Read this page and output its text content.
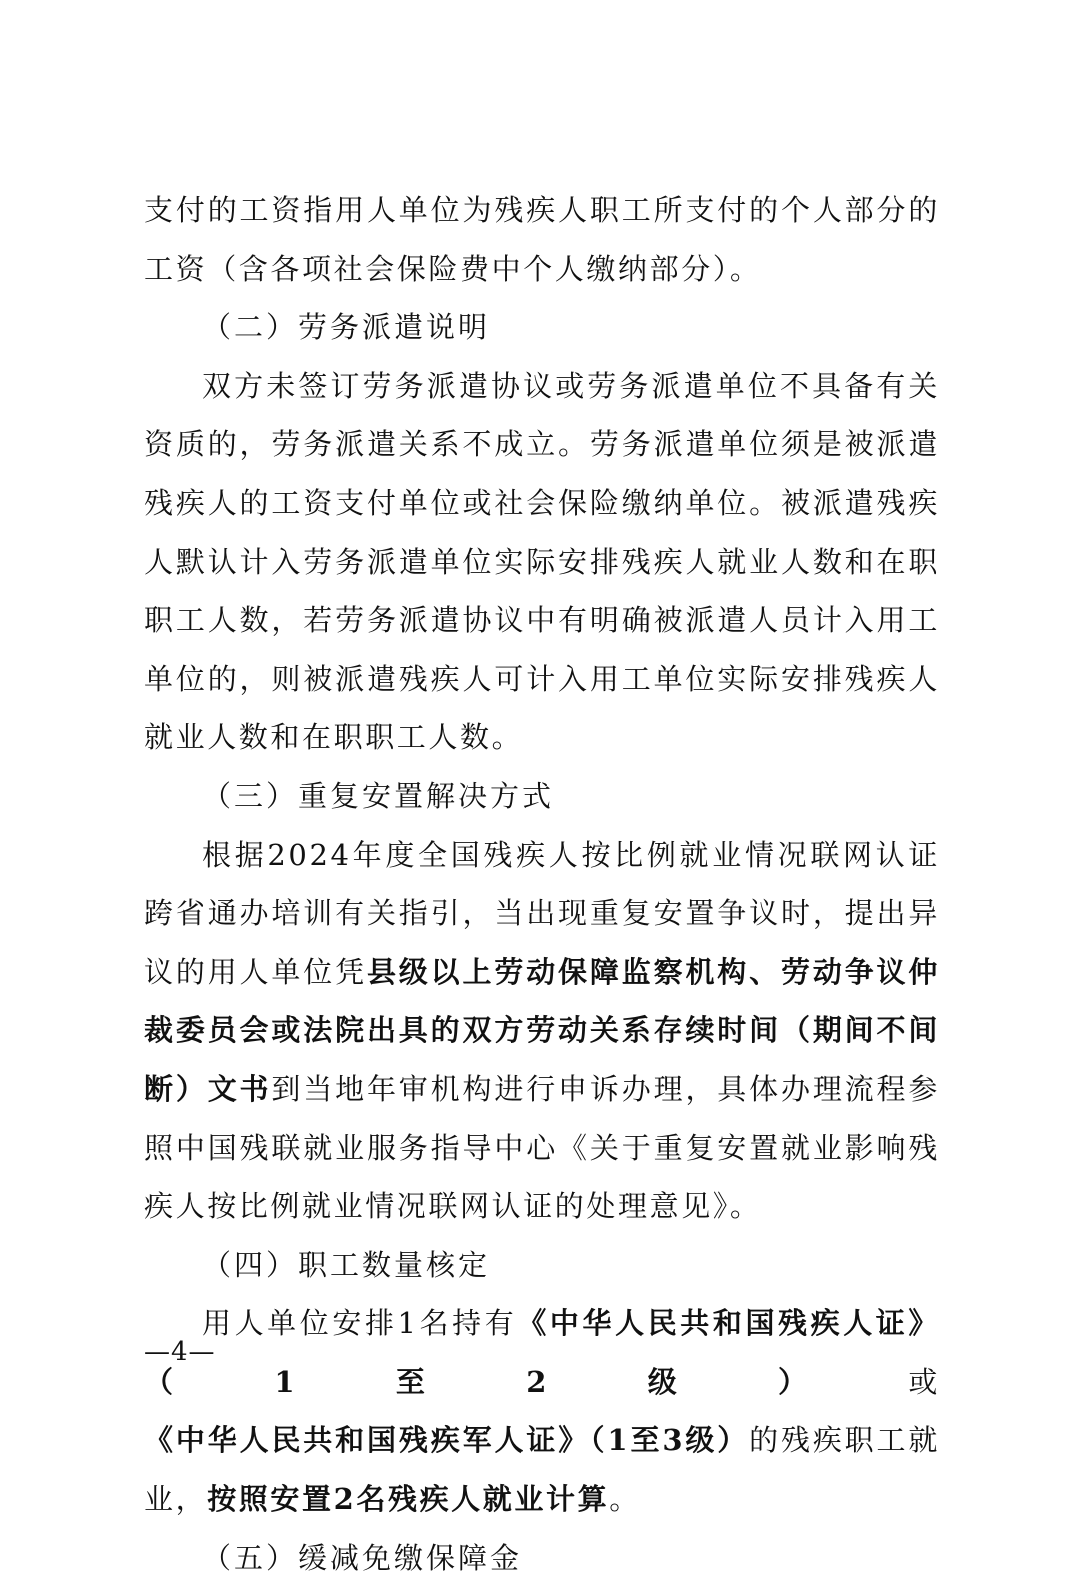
支付的工资指用人单位为残疾人职工所支付的个人部分的工资（含各项社会保险费中个人缴纳部分）。

（二）劳务派遣说明

双方未签订劳务派遣协议或劳务派遣单位不具备有关资质的，劳务派遣关系不成立。劳务派遣单位须是被派遣残疾人的工资支付单位或社会保险缴纳单位。被派遣残疾人默认计入劳务派遣单位实际安排残疾人就业人数和在职职工人数，若劳务派遣协议中有明确被派遣人员计入用工单位的，则被派遣残疾人可计入用工单位实际安排残疾人就业人数和在职职工人数。

（三）重复安置解决方式

根据2024年度全国残疾人按比例就业情况联网认证跨省通办培训有关指引，当出现重复安置争议时，提出异议的用人单位凭县级以上劳动保障监察机构、劳动争议仲裁委员会或法院出具的双方劳动关系存续时间（期间不间断）文书到当地年审机构进行申诉办理，具体办理流程参照中国残联就业服务指导中心《关于重复安置就业影响残疾人按比例就业情况联网认证的处理意见》。

（四）职工数量核定

用人单位安排1名持有《中华人民共和国残疾人证》（1至2级）或《中华人民共和国残疾军人证》（1至3级）的残疾职工就业，按照安置2名残疾人就业计算。

（五）缓减免缴保障金

—4—
